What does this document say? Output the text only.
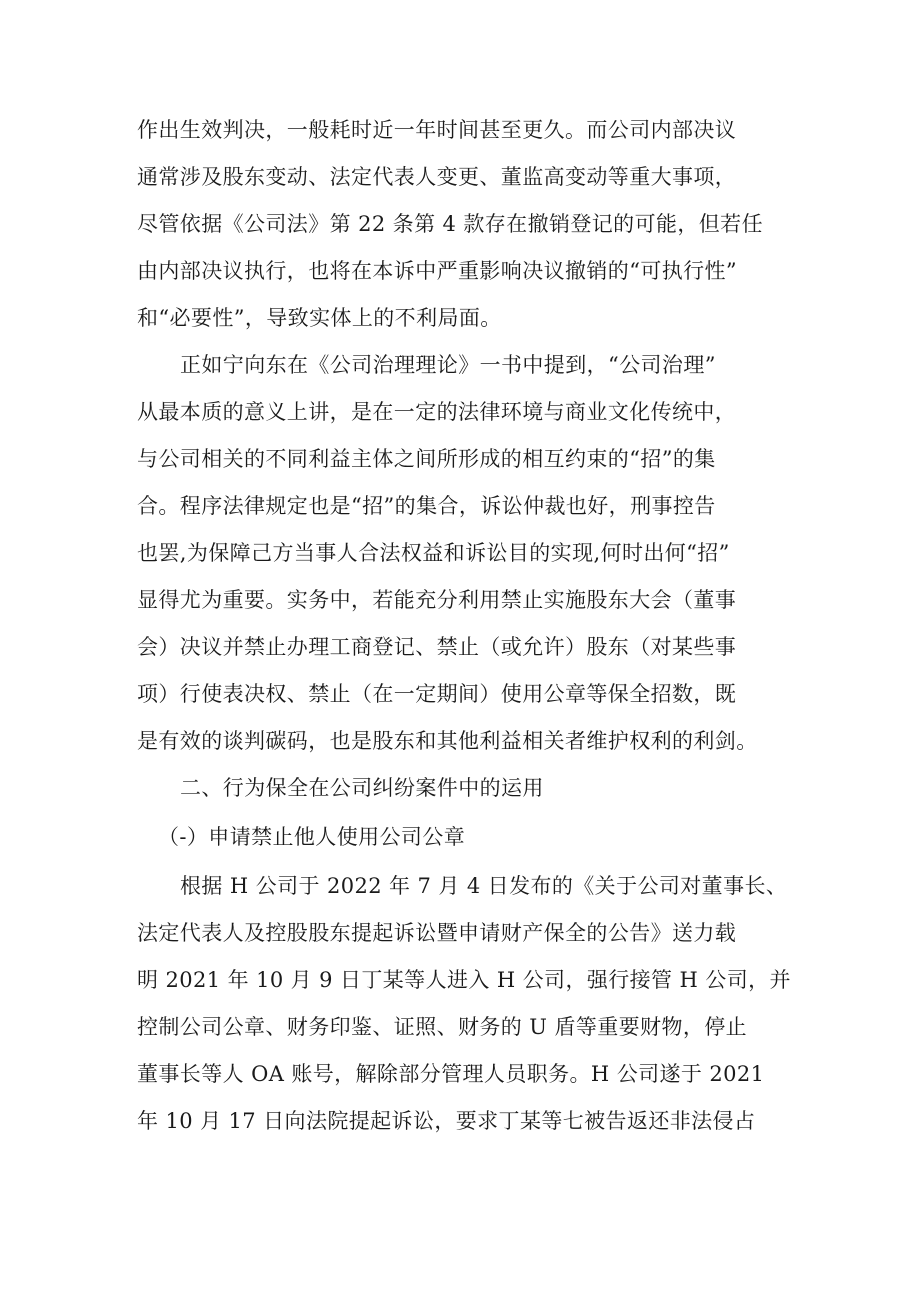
作出生效判决，一般耗时近一年时间甚至更久。而公司内部决议
通常涉及股东变动、法定代表人变更、董监高变动等重大事项，
尽管依据《公司法》第 22 条第 4 款存在撤销登记的可能，但若任
由内部决议执行，也将在本诉中严重影响决议撤销的“可执行性”
和“必要性”，导致实体上的不利局面。
正如宁向东在《公司治理理论》一书中提到，“公司治理”
从最本质的意义上讲，是在一定的法律环境与商业文化传统中，
与公司相关的不同利益主体之间所形成的相互约束的“招”的集
合。程序法律规定也是“招”的集合，诉讼仲裁也好，刑事控告
也罢,为保障己方当事人合法权益和诉讼目的实现,何时出何“招”
显得尤为重要。实务中，若能充分利用禁止实施股东大会（董事
会）决议并禁止办理工商登记、禁止（或允许）股东（对某些事
项）行使表决权、禁止（在一定期间）使用公章等保全招数，既
是有效的谈判碳码，也是股东和其他利益相关者维护权利的利剑。
二、行为保全在公司纠纷案件中的运用
（-）申请禁止他人使用公司公章
根据 H 公司于 2022 年 7 月 4 日发布的《关于公司对董事长、
法定代表人及控股股东提起诉讼暨申请财产保全的公告》送力载
明 2021 年 10 月 9 日丁某等人进入 H 公司，强行接管 H 公司，并
控制公司公章、财务印鉴、证照、财务的 U 盾等重要财物，停止
董事长等人 OA 账号，解除部分管理人员职务。H 公司遂于 2021
年 10 月 17 日向法院提起诉讼，要求丁某等七被告返还非法侵占
